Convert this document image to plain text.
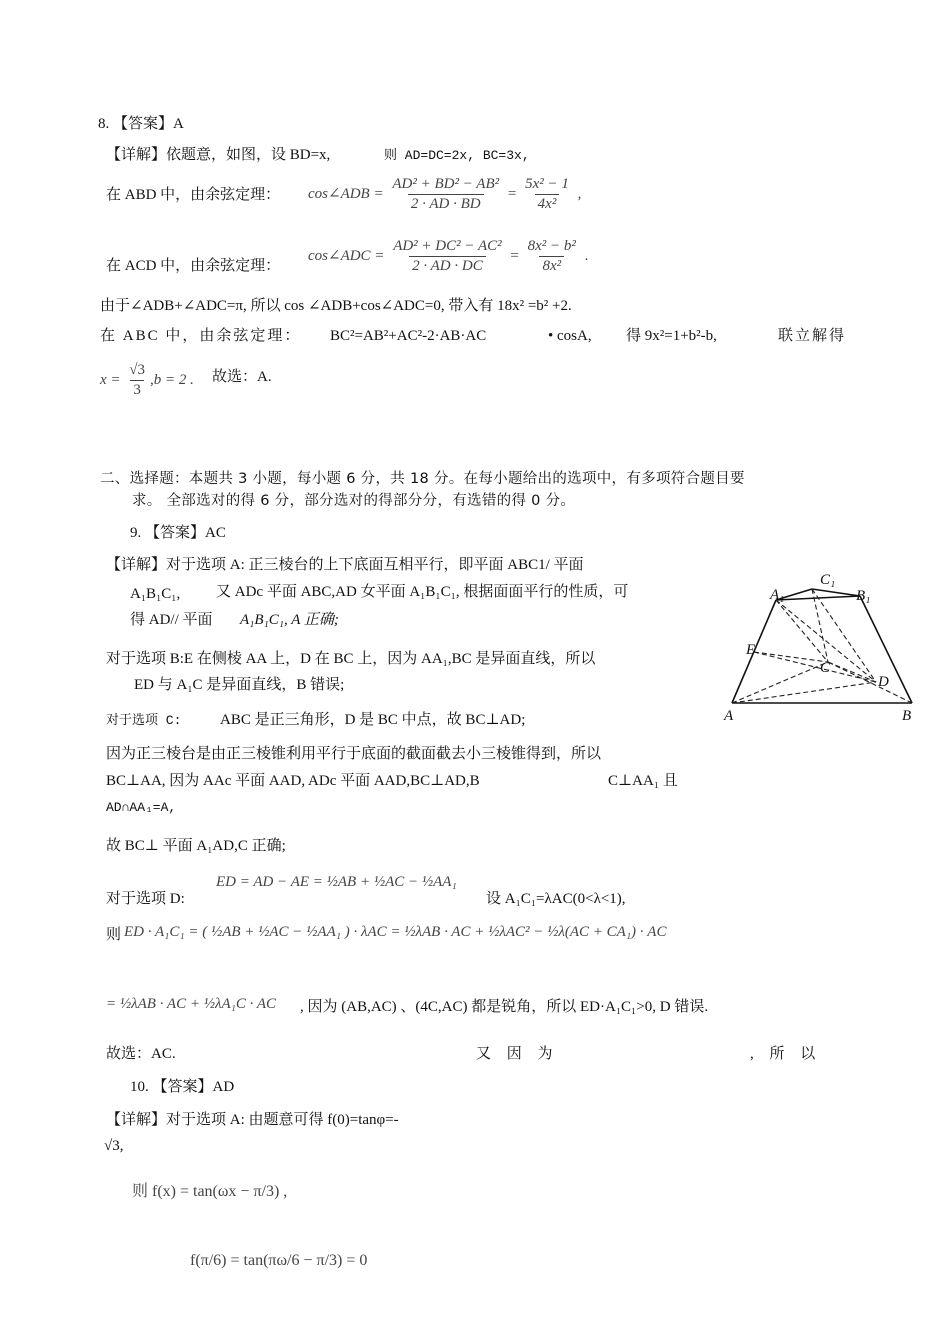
8. 【答案】A
【详解】依题意，如图，设 BD=x,	则 AD=DC=2x, BC=3x,
在 ABD 中，由余弦定理： cos∠ADB = $\frac{\text{AD² + BD² − AB²}}{2 \cdot AD \cdot BD} = \frac{\text{5x² − 1}}{\text{4x²}}$ ,
在 ACD 中，由余弦定理：
cos∠ADC = $\frac{\text{AD² + DC² − AC²}}{2 \cdot AD \cdot DC} = \frac{\text{8x² − b²}}{\text{8x²}}$ .
由于∠ADB+∠ADC=π, 所以 cos ∠ADB+cos∠ADC=0, 带入有 18x² =b² +2.
在 ABC 中，由余弦定理： BC²=AB²+AC²-2·AB·AC	• cosA, 得 9x²=1+b²-b,	联立解得
$x = \frac{√3}{3} ,b = 2$ . 故选：A.
二、选择题：本题共 3 小题，每小题 6 分，共 18 分。在每小题给出的选项中，有多项符合题目要
求。 全部选对的得 6 分，部分选对的得部分分，有选错的得 0 分。
9. 【答案】AC
【详解】对于选项 A: 正三棱台的上下底面互相平行，即平面 ABC1/ 平面
A₁B₁C₁, 又 ADc 平面 ABC,AD 女平面 A₁B₁C₁, 根据面面平行的性质，可
得 AD// 平面 A₁B₁C₁, A 正确;
对于选项 B:E 在侧棱 AA 上，D 在 BC 上，因为 AA₁,BC 是异面直线，所以
ED 与 A₁C 是异面直线，B 错误;
对于选项 C:	ABC 是正三角形，D 是 BC 中点，故 BC⊥AD;
因为正三棱台是由正三棱锥利用平行于底面的截面截去小三棱锥得到，所以
BC⊥AA, 因为 AAc 平面 AAD, ADc 平面 AAD,BC⊥AD,B	C⊥AA₁ 且
AD∩AA₁=A,
故 BC⊥ 平面 A₁AD,C 正确;
对于选项 D:
ED = AD − AE = ½AB + ½AC − ½AA₁
设 A₁C₁=λAC(0<λ<1),
则 ED · A₁C₁ = ( ½AB + ½AC − ½AA₁ ) · λAC = ½λAB · AC + ½λAC² − ½λ(AC + CA₁) · AC
= ½λAB · AC + ½λA₁C · AC , 因为 (AB,AC) 、(4C,AC) 都是锐角，所以 ED·A₁C₁>0, D 错误.
故选：AC.	又 因 为	, 所 以
A₁
C₁
B₁
E
C
D
A	B
10. 【答案】AD
【详解】对于选项 A: 由题意可得 f(0)=tanφ=-
√3,
则 f(x) = tan(ωx − π/3) ,
f(π/6) = tan(πω/6 − π/3) = 0
